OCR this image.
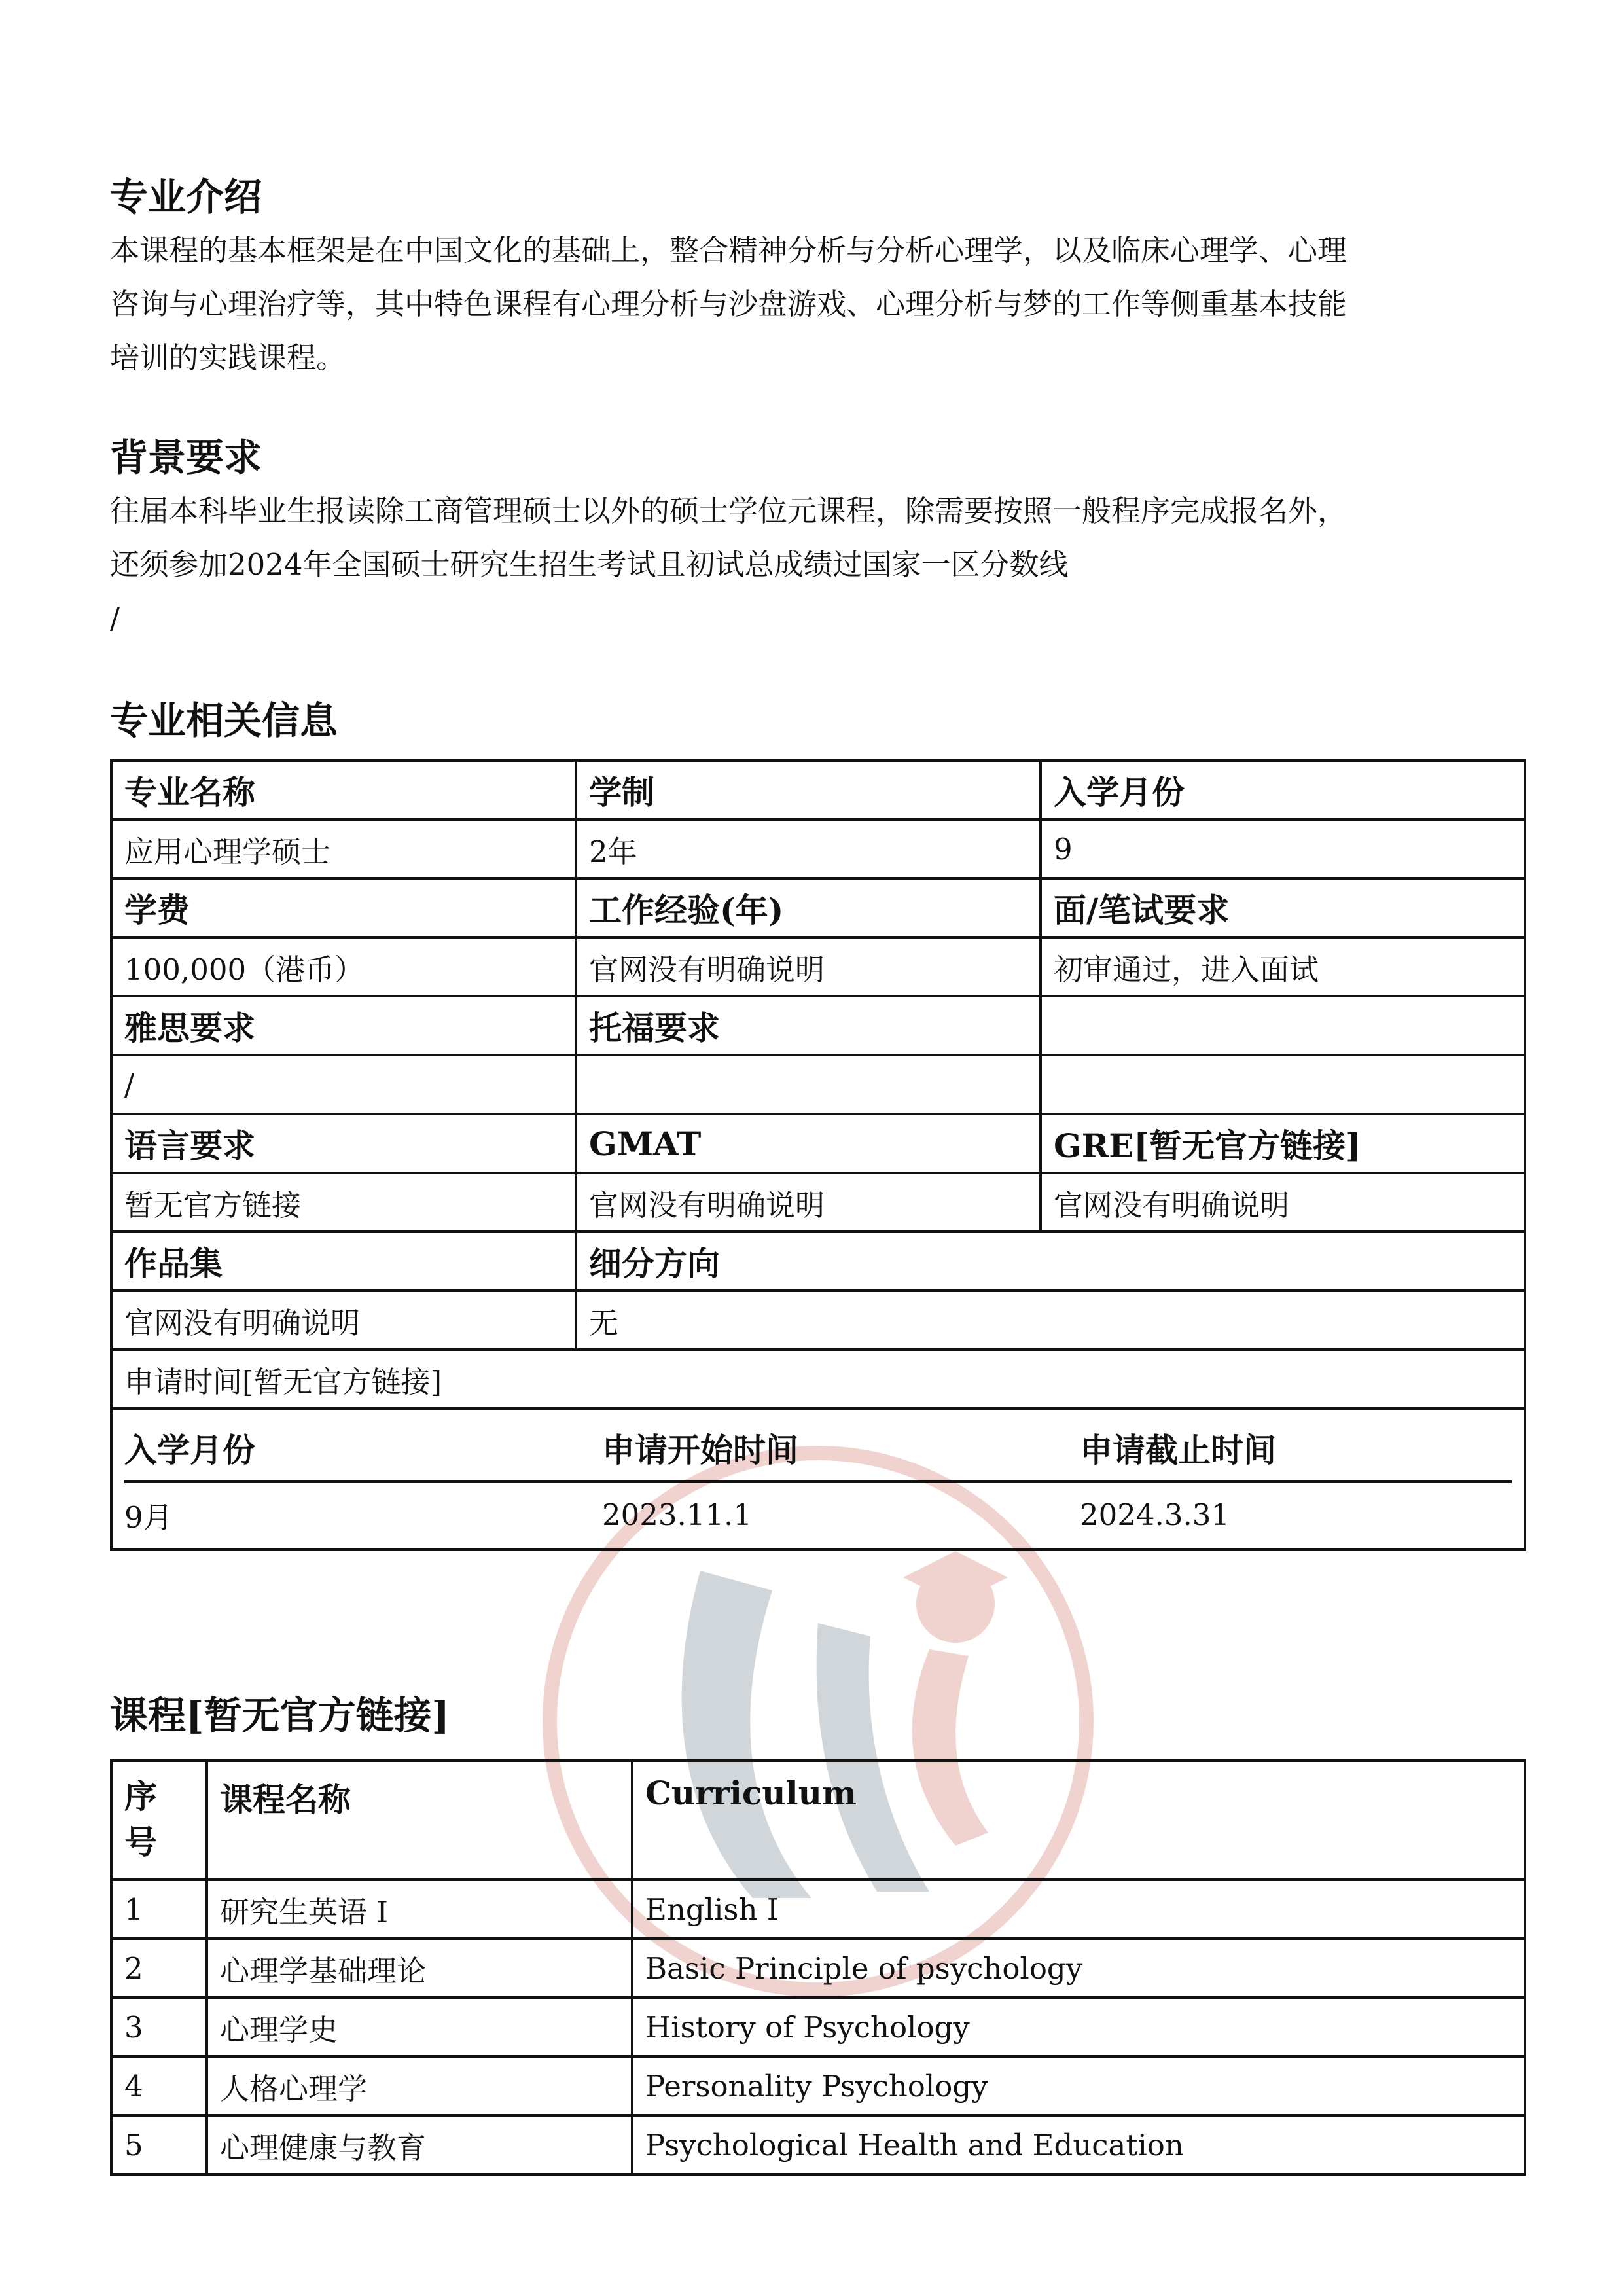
专业介绍
本课程的基本框架是在中国文化的基础上，整合精神分析与分析心理学，以及临床心理学、心理
咨询与心理治疗等，其中特色课程有心理分析与沙盘游戏、心理分析与梦的工作等侧重基本技能
培训的实践课程。
背景要求
往届本科毕业生报读除工商管理硕士以外的硕士学位元课程，除需要按照一般程序完成报名外，
还须参加2024年全国硕士研究生招生考试且初试总成绩过国家一区分数线
/
专业相关信息
专业名称	学制	入学月份
应用心理学硕士	2年	9
学费	工作经验(年)	面/笔试要求
100,000（港币）	官网没有明确说明	初审通过，进入面试
雅思要求	托福要求	
/		
语言要求	GMAT	GRE[暂无官方链接]
暂无官方链接	官网没有明确说明	官网没有明确说明
作品集	细分方向
官网没有明确说明	无
申请时间[暂无官方链接]

入学月份	申请开始时间	申请截止时间
9月	2023.11.1	2024.3.31
课程[暂无官方链接]
序
号	课程名称	Curriculum
1	研究生英语 I	English I
2	心理学基础理论	Basic Principle of psychology
3	心理学史	History of Psychology
4	人格心理学	Personality Psychology
5	心理健康与教育	Psychological Health and Education
